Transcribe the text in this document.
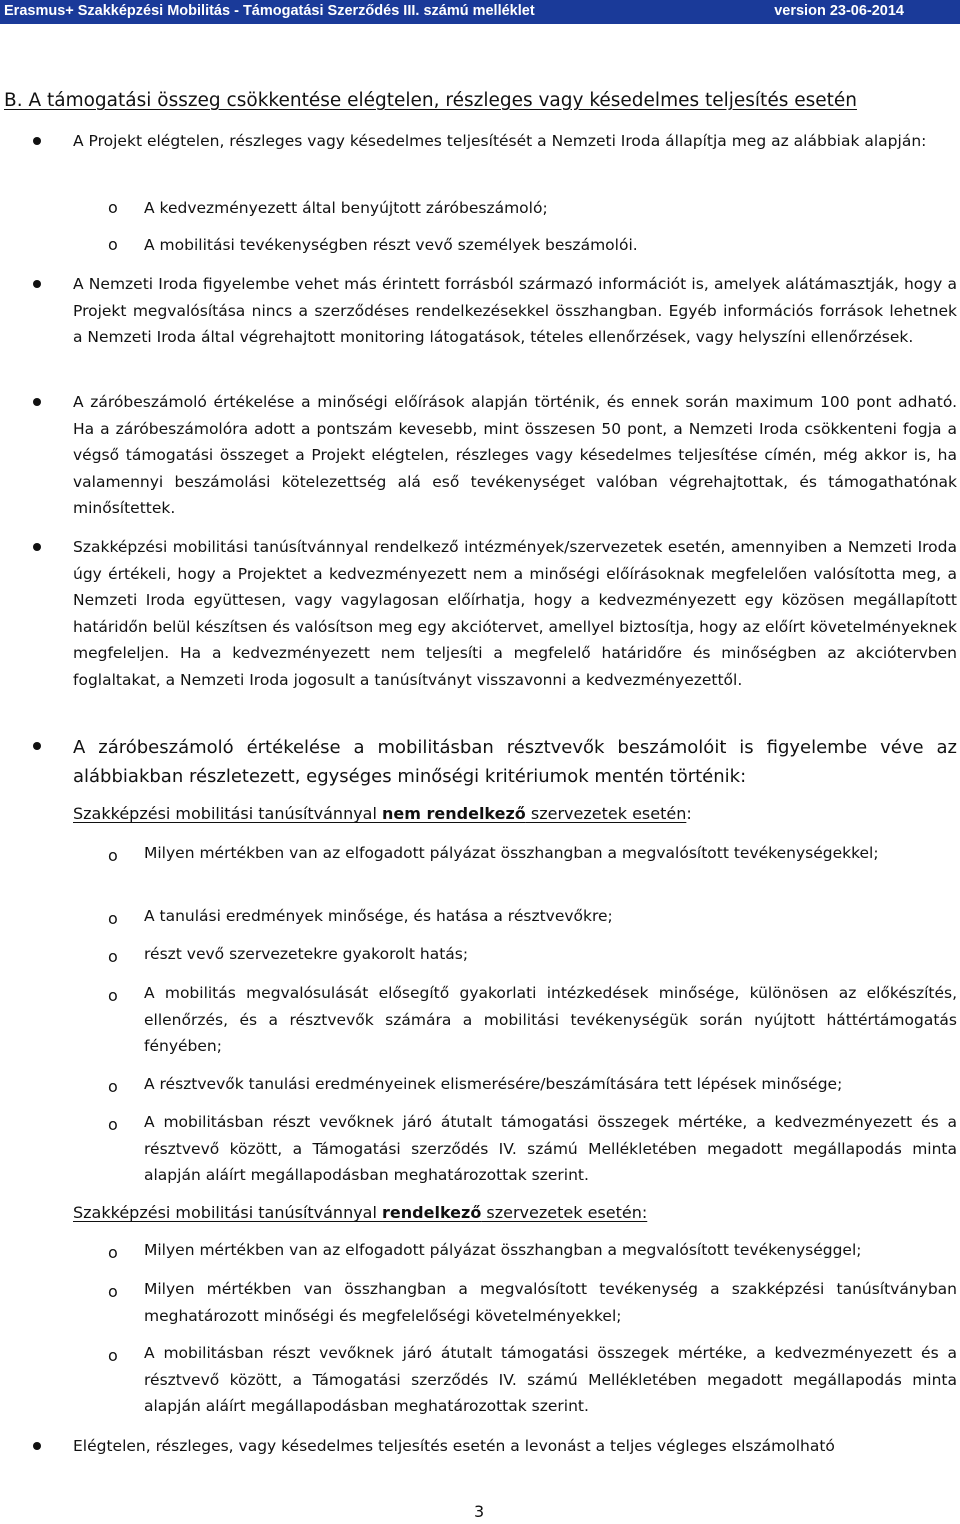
Erasmus+ Szakképzési Mobilitás - Támogatási Szerződés III. számú melléklet	version 23-06-2014
B. A támogatási összeg csökkentése elégtelen, részleges vagy késedelmes teljesítés esetén
A Projekt elégtelen, részleges vagy késedelmes teljesítését a Nemzeti Iroda állapítja meg az alábbiak alapján:
o A kedvezményezett által benyújtott záróbeszámoló;
o A mobilitási tevékenységben részt vevő személyek beszámolói.
A Nemzeti Iroda figyelembe vehet más érintett forrásból származó információt is, amelyek alátámasztják, hogy a Projekt megvalósítása nincs a szerződéses rendelkezésekkel összhangban. Egyéb információs források lehetnek a Nemzeti Iroda által végrehajtott monitoring látogatások, tételes ellenőrzések, vagy helyszíni ellenőrzések.
A záróbeszámoló értékelése a minőségi előírások alapján történik, és ennek során maximum 100 pont adható. Ha a záróbeszámolóra adott a pontszám kevesebb, mint összesen 50 pont, a Nemzeti Iroda csökkenteni fogja a végső támogatási összeget a Projekt elégtelen, részleges vagy késedelmes teljesítése címén, még akkor is, ha valamennyi beszámolási kötelezettség alá eső tevékenységet valóban végrehajtottak, és támogathatónak minősítettek.
Szakképzési mobilitási tanúsítvánnyal rendelkező intézmények/szervezetek esetén, amennyiben a Nemzeti Iroda úgy értékeli, hogy a Projektet a kedvezményezett nem a minőségi előírásoknak megfelelően valósította meg, a Nemzeti Iroda együttesen, vagy vagylagosan előírhatja, hogy a kedvezményezett egy közösen megállapított határidőn belül készítsen és valósítson meg egy akciótervet, amellyel biztosítja, hogy az előírt követelményeknek megfeleljen. Ha a kedvezményezett nem teljesíti a megfelelő határidőre és minőségben az akciótervben foglaltakat, a Nemzeti Iroda jogosult a tanúsítványt visszavonni a kedvezményezettől.
A záróbeszámoló értékelése a mobilitásban résztvevők beszámolóit is figyelembe véve az alábbiakban részletezett, egységes minőségi kritériumok mentén történik:
Szakképzési mobilitási tanúsítvánnyal nem rendelkező szervezetek esetén:
o Milyen mértékben van az elfogadott pályázat összhangban a megvalósított tevékenységekkel;
o A tanulási eredmények minősége, és hatása a résztvevőkre;
o részt vevő szervezetekre gyakorolt hatás;
o A mobilitás megvalósulását elősegítő gyakorlati intézkedések minősége, különösen az előkészítés, ellenőrzés, és a résztvevők számára a mobilitási tevékenységük során nyújtott háttértámogatás fényében;
o A résztvevők tanulási eredményeinek elismerésére/beszámítására tett lépések minősége;
o A mobilitásban részt vevőknek járó átutalt támogatási összegek mértéke, a kedvezményezett és a résztvevő között, a Támogatási szerződés IV. számú Mellékletében megadott megállapodás minta alapján aláírt megállapodásban meghatározottak szerint.
Szakképzési mobilitási tanúsítvánnyal rendelkező szervezetek esetén:
o Milyen mértékben van az elfogadott pályázat összhangban a megvalósított tevékenységgel;
o Milyen mértékben van összhangban a megvalósított tevékenység a szakképzési tanúsítványban meghatározott minőségi és megfelelőségi követelményekkel;
o A mobilitásban részt vevőknek járó átutalt támogatási összegek mértéke, a kedvezményezett és a résztvevő között, a Támogatási szerződés IV. számú Mellékletében megadott megállapodás minta alapján aláírt megállapodásban meghatározottak szerint.
Elégtelen, részleges, vagy késedelmes teljesítés esetén a levonást a teljes végleges elszámolható
3
